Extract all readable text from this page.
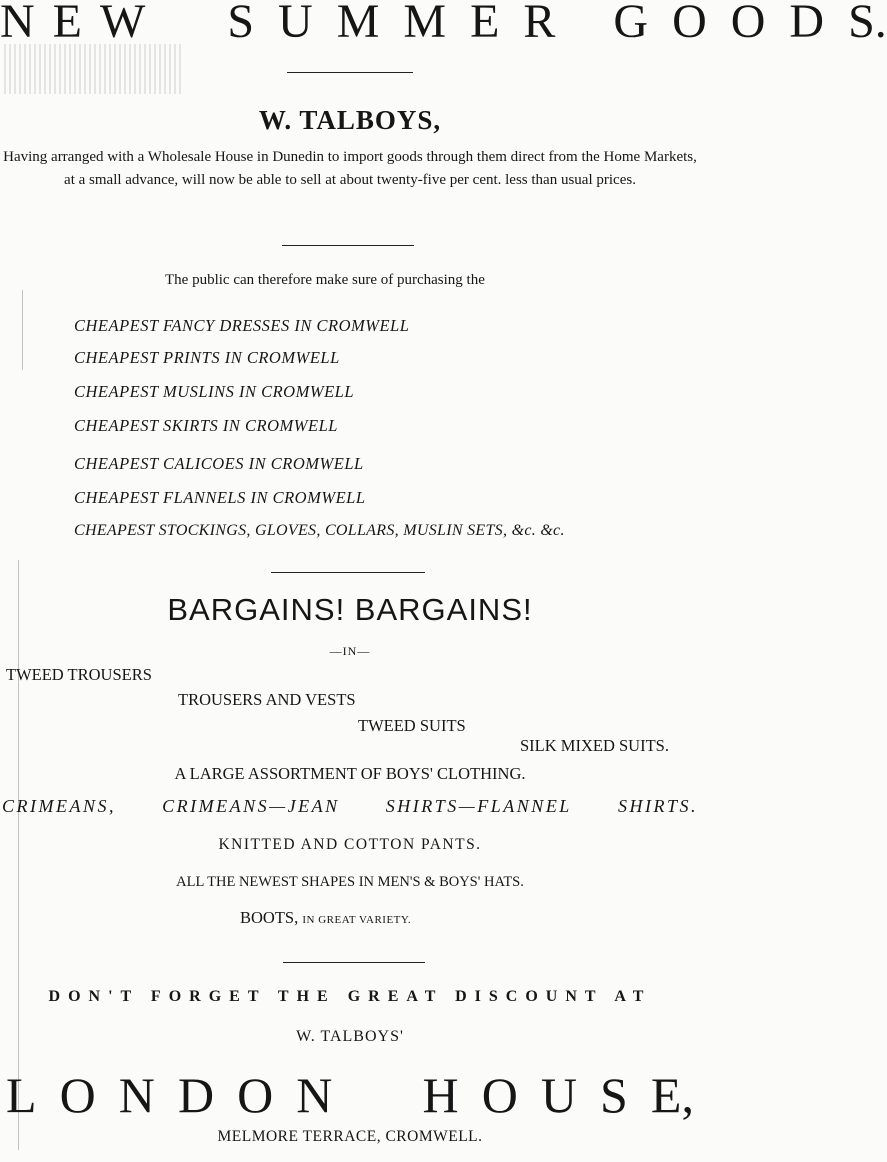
N E W S U M M E R G O O D S.
W. TALBOYS,
Having arranged with a Wholesale House in Dunedin to import goods through them direct from the Home Markets, at a small advance, will now be able to sell at about twenty-five per cent. less than usual prices.
The public can therefore make sure of purchasing the
CHEAPEST FANCY DRESSES IN CROMWELL
CHEAPEST PRINTS IN CROMWELL
CHEAPEST MUSLINS IN CROMWELL
CHEAPEST SKIRTS IN CROMWELL
CHEAPEST CALICOES IN CROMWELL
CHEAPEST FLANNELS IN CROMWELL
CHEAPEST STOCKINGS, GLOVES, COLLARS, MUSLIN SETS, &c. &c.
BARGAINS! BARGAINS!
—IN—
TWEED TROUSERS
TROUSERS AND VESTS
TWEED SUITS
SILK MIXED SUITS.
A LARGE ASSORTMENT OF BOYS' CLOTHING.
CRIMEANS,	CRIMEANS—JEAN	SHIRTS—FLANNEL	SHIRTS.
KNITTED AND COTTON PANTS.
ALL THE NEWEST SHAPES IN MEN'S & BOYS' HATS.
BOOTS, IN GREAT VARIETY.
DON'T FORGET THE GREAT DISCOUNT AT
W. TALBOYS'
L O N D O N H O U S E,
MELMORE TERRACE, CROMWELL.
